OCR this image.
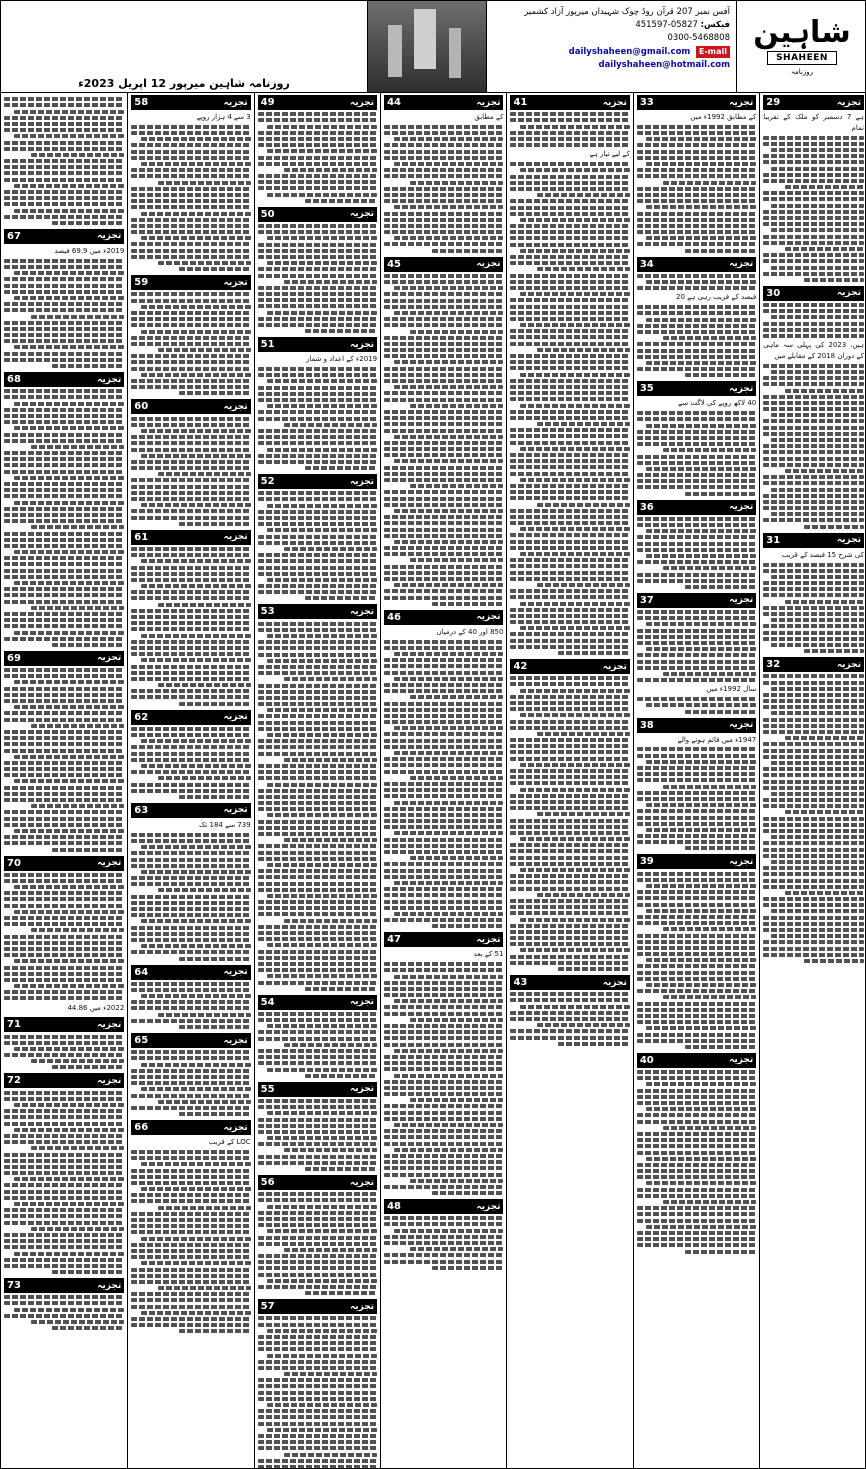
شاہین
SHAHEEN
روزنامہ
آفس نمبر 207 قرآن روڈ چوک شہیداں میرپور آزاد کشمیر
فیکس: 05827-451597
0300-5468808
E-mail dailyshaheen@gmail.com
dailyshaheen@hotmail.com
روزنامہ شاہین میرپور 12 اپریل 2023ء
تجزیہ
29
ہے 7 دسمبر کو ملک کے تقریبا تمام
تجزیہ
30
ہیں، 2023 کی پہلی سہ ماہی کے دوران 2018 کے مقابلے میں
تجزیہ
31
کی شرح 15 فیصد کے قریب
تجزیہ
32
تجزیہ
33
کے مطابق 1992ء میں
تجزیہ
34
فیصد کے قریب رہی ہے 20
تجزیہ
35
40 لاکھ روپے کی لاگت سے
تجزیہ
36
تجزیہ
37
سال 1992ء میں
تجزیہ
38
1947ء میں قائم ہونے والے
تجزیہ
39
تجزیہ
40
تجزیہ
41
کے لیے تیار ہے
تجزیہ
42
تجزیہ
43
تجزیہ
44
کے مطابق
تجزیہ
45
تجزیہ
46
850 اور 40 کے درمیان
تجزیہ
47
51 کے بعد
تجزیہ
48
تجزیہ
49
تجزیہ
50
تجزیہ
51
2019ء کے اعداد و شمار
تجزیہ
52
تجزیہ
53
تجزیہ
54
تجزیہ
55
تجزیہ
56
تجزیہ
57
تجزیہ
58
3 سے 4 ہزار روپے
تجزیہ
59
تجزیہ
60
تجزیہ
61
تجزیہ
62
تجزیہ
63
739 سے 184 تک
تجزیہ
64
تجزیہ
65
تجزیہ
66
LOC کے قریب
تجزیہ
67
2019ء میں 69.9 فیصد
تجزیہ
68
تجزیہ
69
تجزیہ
70
2022ء میں 44.86
تجزیہ
71
تجزیہ
72
تجزیہ
73
